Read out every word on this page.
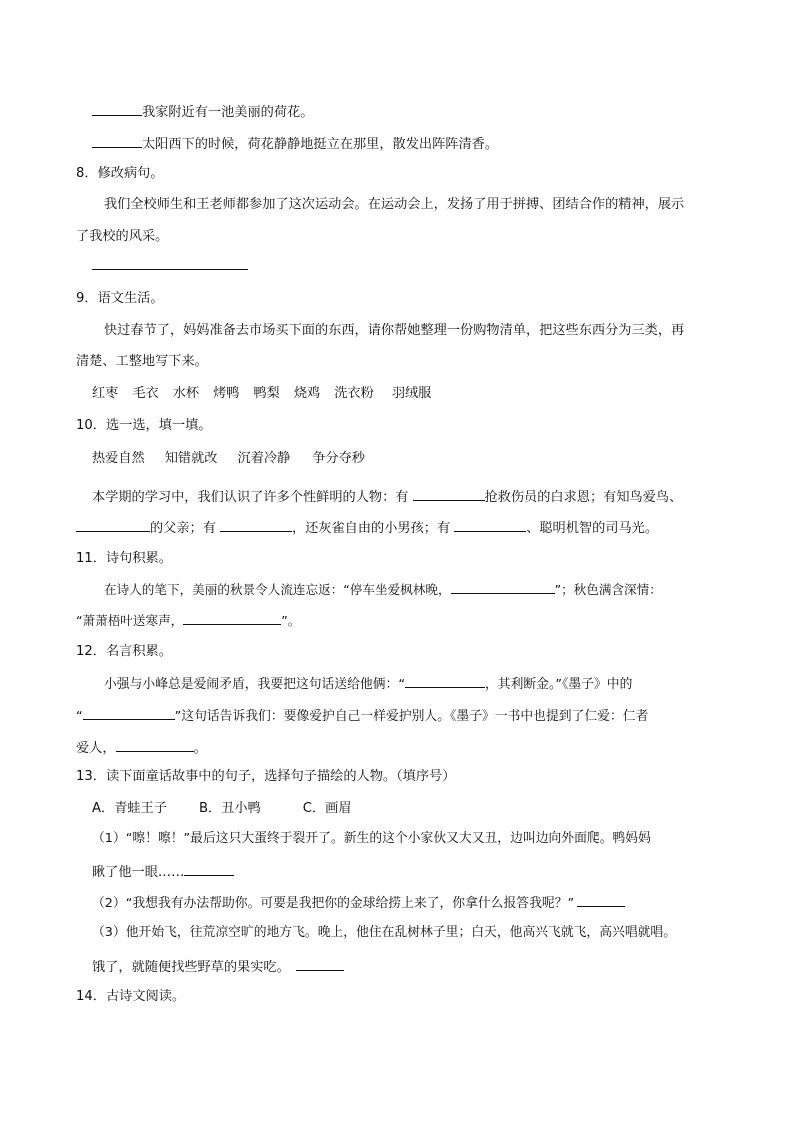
我家附近有一池美丽的荷花。
太阳西下的时候，荷花静静地挺立在那里，散发出阵阵清香。
8．修改病句。
我们全校师生和王老师都参加了这次运动会。在运动会上，发扬了用于拼搏、团结合作的精神，展示
了我校的风采。
9．语文生活。
快过春节了，妈妈准备去市场买下面的东西，请你帮她整理一份购物清单，把这些东西分为三类，再
清楚、工整地写下来。
红枣 毛衣 水杯 烤鸭 鸭梨 烧鸡 洗衣粉 羽绒服
10．选一选，填一填。
热爱自然 知错就改 沉着冷静 争分夺秒
本学期的学习中，我们认识了许多个性鲜明的人物：有	抢救伤员的白求恩；有知鸟爱鸟、
的父亲；有	，还灰雀自由的小男孩；有	、聪明机智的司马光。
11．诗句积累。
在诗人的笔下，美丽的秋景令人流连忘返：“停车坐爱枫林晚，	”；秋色满含深情：
“萧萧梧叶送寒声，	”。
12．名言积累。
小强与小峰总是爱闹矛盾，我要把这句话送给他俩：“	，其利断金。”《墨子》中的
“	”这句话告诉我们：要像爱护自己一样爱护别人。《墨子》一书中也提到了仁爱：仁者
爱人，	。
13．读下面童话故事中的句子，选择句子描绘的人物。（填序号）
A．青蛙王子 B．丑小鸭	C．画眉
（1）“嚓！嚓！”最后这只大蛋终于裂开了。新生的这个小家伙又大又丑，边叫边向外面爬。鸭妈妈
瞅了他一眼……
（2）“我想我有办法帮助你。可要是我把你的金球给捞上来了，你拿什么报答我呢？”
（3）他开始飞，往荒凉空旷的地方飞。晚上，他住在乱树林子里；白天，他高兴飞就飞，高兴唱就唱。
饿了，就随便找些野草的果实吃。
14．古诗文阅读。
